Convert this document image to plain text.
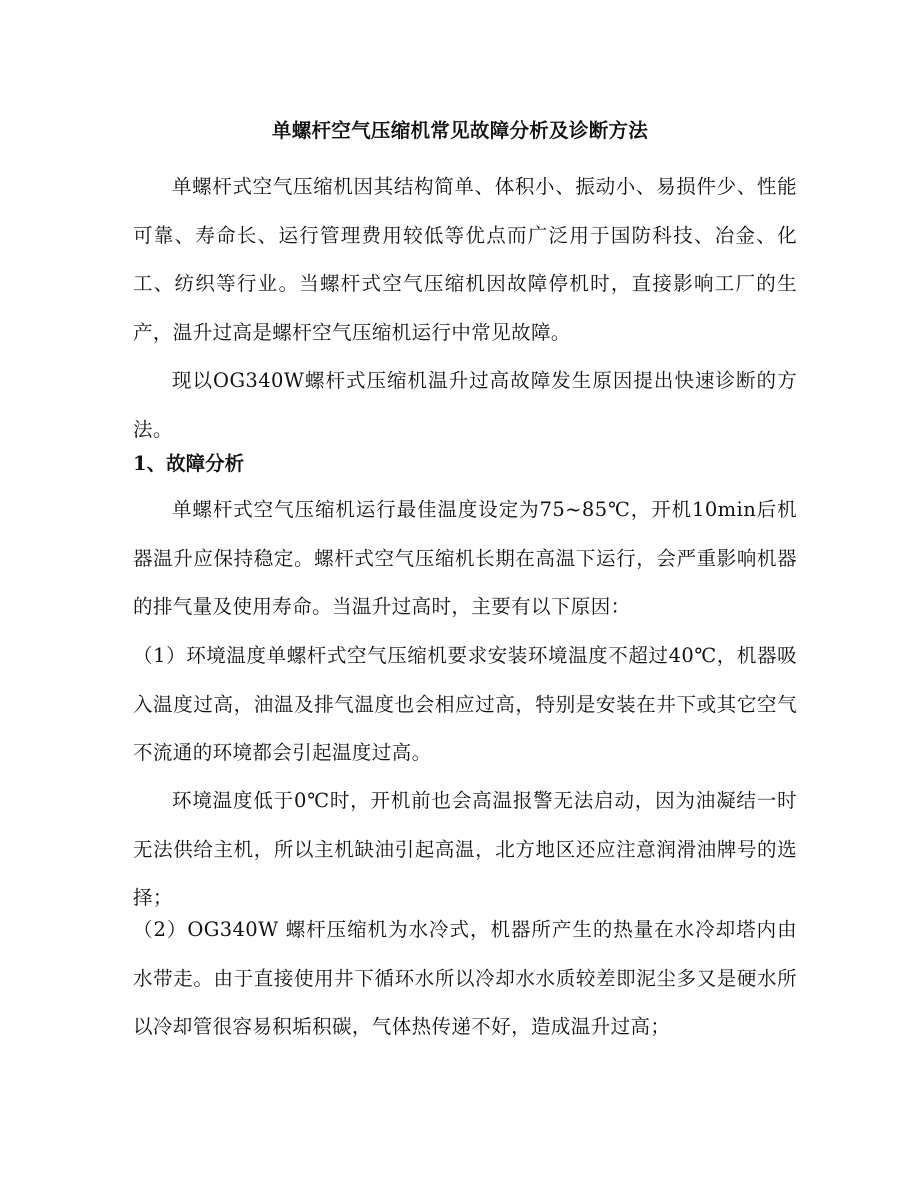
单螺杆空气压缩机常见故障分析及诊断方法
单螺杆式空气压缩机因其结构简单、体积小、振动小、易损件少、性能可靠、寿命长、运行管理费用较低等优点而广泛用于国防科技、冶金、化工、纺织等行业。当螺杆式空气压缩机因故障停机时，直接影响工厂的生产，温升过高是螺杆空气压缩机运行中常见故障。
现以OG340W螺杆式压缩机温升过高故障发生原因提出快速诊断的方法。
1、故障分析
单螺杆式空气压缩机运行最佳温度设定为75~85℃，开机10min后机器温升应保持稳定。螺杆式空气压缩机长期在高温下运行，会严重影响机器的排气量及使用寿命。当温升过高时，主要有以下原因：
（1）环境温度单螺杆式空气压缩机要求安装环境温度不超过40℃，机器吸入温度过高，油温及排气温度也会相应过高，特别是安装在井下或其它空气不流通的环境都会引起温度过高。
环境温度低于0℃时，开机前也会高温报警无法启动，因为油凝结一时无法供给主机，所以主机缺油引起高温，北方地区还应注意润滑油牌号的选择；
（2）OG340W 螺杆压缩机为水冷式，机器所产生的热量在水冷却塔内由水带走。由于直接使用井下循环水所以冷却水水质较差即泥尘多又是硬水所以冷却管很容易积垢积碳，气体热传递不好，造成温升过高；
